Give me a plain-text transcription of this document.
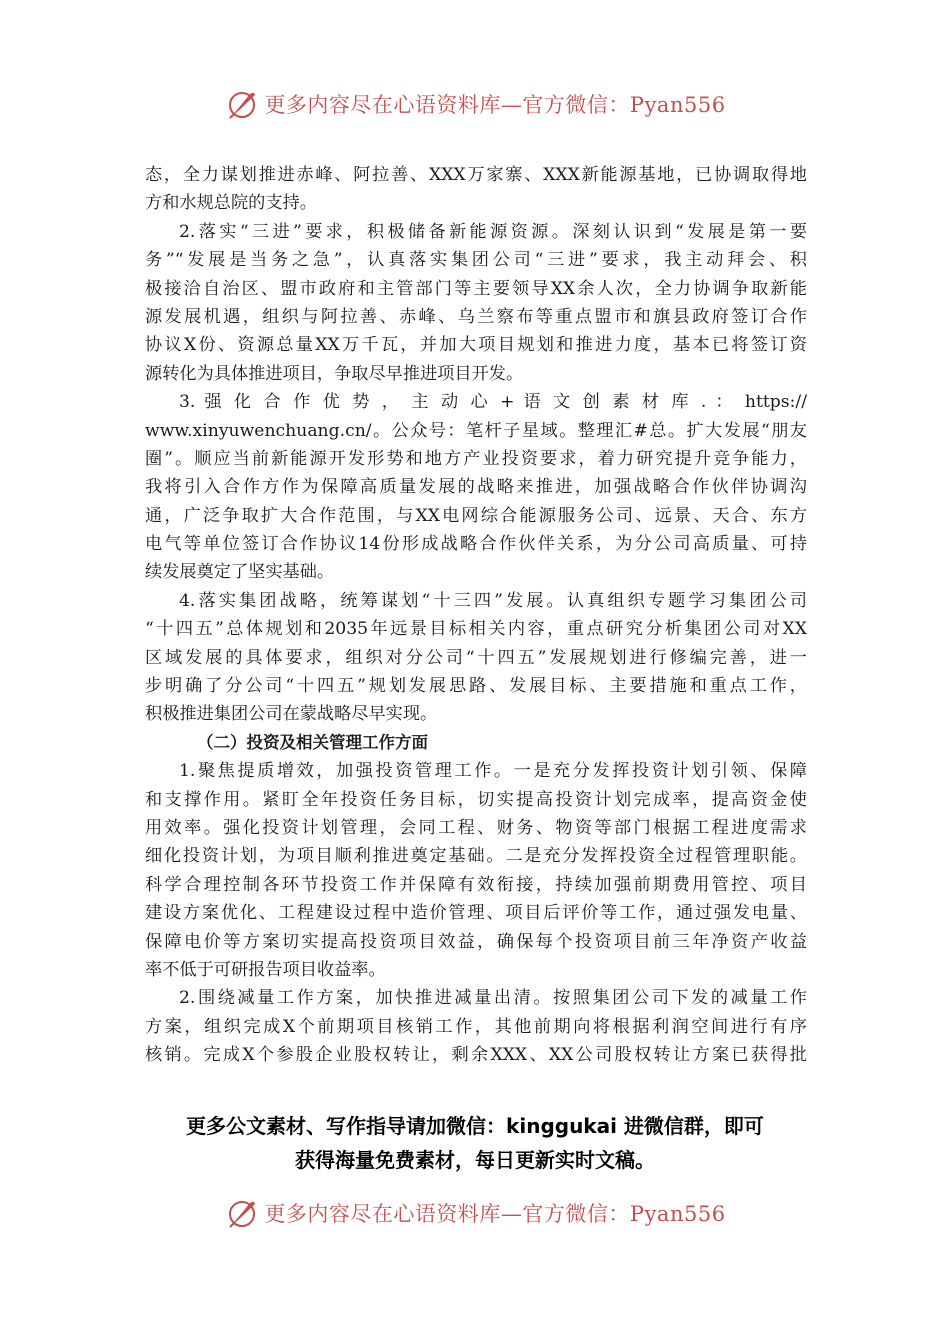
更多内容尽在心语资料库—官方微信：Pyan556
态，全力谋划推进赤峰、阿拉善、XXX万家寨、XXX新能源基地，已协调取得地
方和水规总院的支持。
2.落实“三进”要求，积极储备新能源资源。深刻认识到“发展是第一要
务”“发展是当务之急”，认真落实集团公司“三进”要求，我主动拜会、积
极接洽自治区、盟市政府和主管部门等主要领导XX余人次，全力协调争取新能
源发展机遇，组织与阿拉善、赤峰、乌兰察布等重点盟市和旗县政府签订合作
协议X份、资源总量XX万千瓦，并加大项目规划和推进力度，基本已将签订资
源转化为具体推进项目，争取尽早推进项目开发。
3. 强 化 合 作 优 势 ， 主 动 心 + 语 文 创 素 材 库 . ： https://
www.xinyuwenchuang.cn/。公众号：笔杆子星域。整理汇#总。扩大发展“朋友
圈”。顺应当前新能源开发形势和地方产业投资要求，着力研究提升竞争能力，
我将引入合作方作为保障高质量发展的战略来推进，加强战略合作伙伴协调沟
通，广泛争取扩大合作范围，与XX电网综合能源服务公司、远景、天合、东方
电气等单位签订合作协议14份形成战略合作伙伴关系，为分公司高质量、可持
续发展奠定了坚实基础。
4.落实集团战略，统筹谋划“十三四”发展。认真组织专题学习集团公司
“十四五”总体规划和2035年远景目标相关内容，重点研究分析集团公司对XX
区域发展的具体要求，组织对分公司“十四五”发展规划进行修编完善，进一
步明确了分公司“十四五”规划发展思路、发展目标、主要措施和重点工作，
积极推进集团公司在蒙战略尽早实现。
（二）投资及相关管理工作方面
1.聚焦提质增效，加强投资管理工作。一是充分发挥投资计划引领、保障
和支撑作用。紧盯全年投资任务目标，切实提高投资计划完成率，提高资金使
用效率。强化投资计划管理，会同工程、财务、物资等部门根据工程进度需求
细化投资计划，为项目顺利推进奠定基础。二是充分发挥投资全过程管理职能。
科学合理控制各环节投资工作并保障有效衔接，持续加强前期费用管控、项目
建设方案优化、工程建设过程中造价管理、项目后评价等工作，通过强发电量、
保障电价等方案切实提高投资项目效益，确保每个投资项目前三年净资产收益
率不低于可研报告项目收益率。
2.围绕减量工作方案，加快推进减量出清。按照集团公司下发的减量工作
方案，组织完成X个前期项目核销工作，其他前期向将根据利润空间进行有序
核销。完成X个参股企业股权转让，剩余XXX、XX公司股权转让方案已获得批
更多公文素材、写作指导请加微信：kinggukai 进微信群，即可
获得海量免费素材，每日更新实时文稿。
更多内容尽在心语资料库—官方微信：Pyan556
